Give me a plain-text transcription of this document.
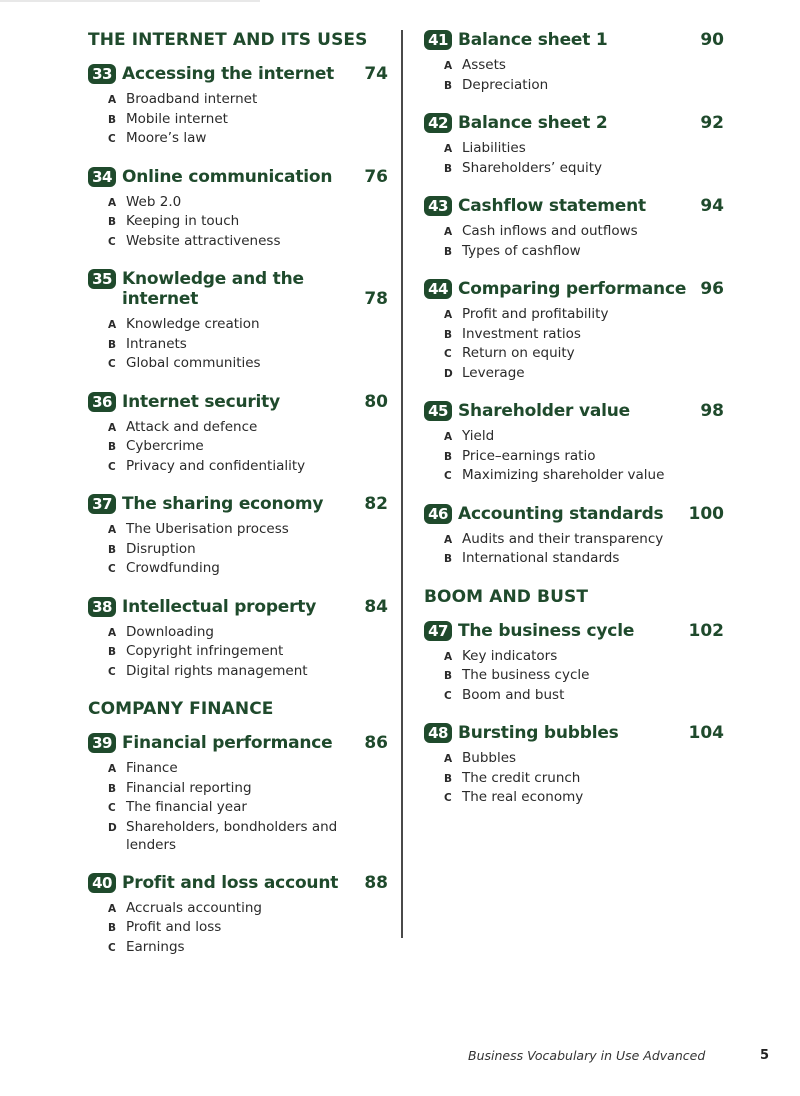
THE INTERNET AND ITS USES
33 Accessing the internet	74
A Broadband internet
B Mobile internet
C Moore’s law
34 Online communication	76
A Web 2.0
B Keeping in touch
C Website attractiveness
35 Knowledge and the
internet	78
A Knowledge creation
B Intranets
C Global communities
36 Internet security	80
A Attack and defence
B Cybercrime
C Privacy and confidentiality
37 The sharing economy	82
A The Uberisation process
B Disruption
C Crowdfunding
38 Intellectual property	84
A Downloading
B Copyright infringement
C Digital rights management
COMPANY FINANCE
39 Financial performance	86
A Finance
B Financial reporting
C The financial year
D Shareholders, bondholders and lenders
40 Profit and loss account	88
A Accruals accounting
B Profit and loss
C Earnings
41 Balance sheet 1	90
A Assets
B Depreciation
42 Balance sheet 2	92
A Liabilities
B Shareholders’ equity
43 Cashflow statement	94
A Cash inflows and outflows
B Types of cashflow
44 Comparing performance 96
A Profit and profitability
B Investment ratios
C Return on equity
D Leverage
45 Shareholder value	98
A Yield
B Price–earnings ratio
C Maximizing shareholder value
46 Accounting standards	100
A Audits and their transparency
B International standards
BOOM AND BUST
47 The business cycle	102
A Key indicators
B The business cycle
C Boom and bust
48 Bursting bubbles	104
A Bubbles
B The credit crunch
C The real economy
Business Vocabulary in Use Advanced	5
